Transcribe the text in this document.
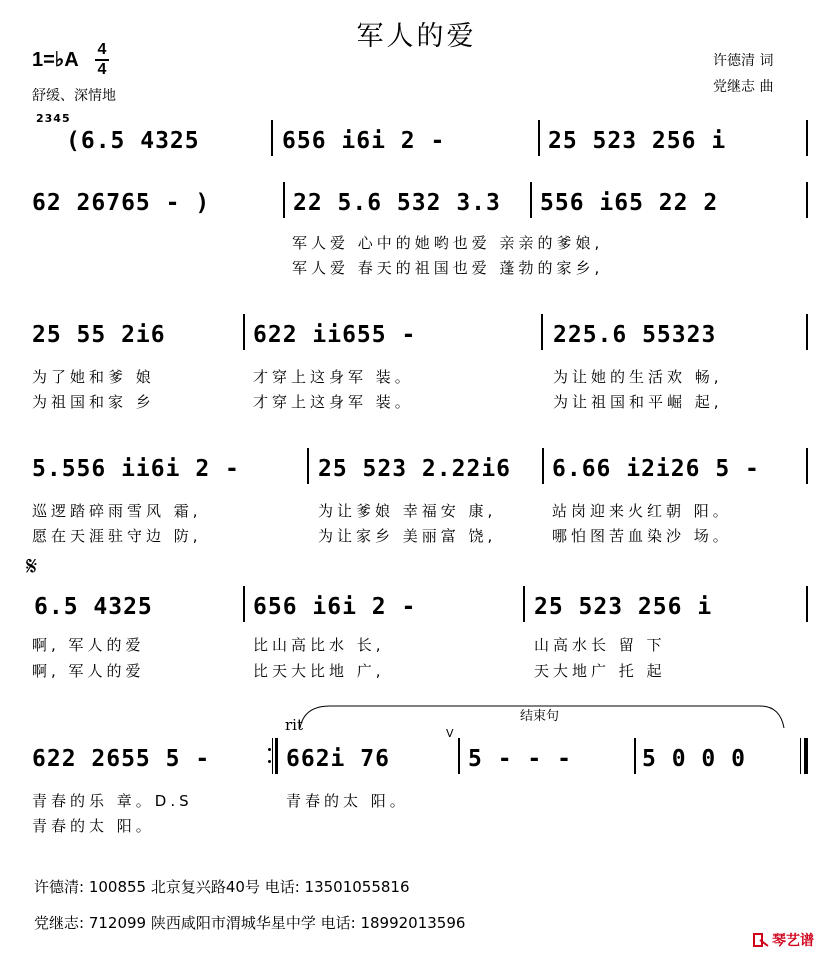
军人的爱
1=♭A 4
4
舒缓、深情地
许德清 词
党继志 曲
2345
(6.5 4325	656 i6i 2 -	25 523 256 i
62 26765 - )	22 5.6 532 3.3 556 i65 22 2
军人爱 心中的她哟也爱 亲亲的爹娘,
军人爱 春天的祖国也爱 蓬勃的家乡,
25 55 2i6	622 ii655 -	225.6 55323
为了她和爹 娘	才穿上这身军 装。	为让她的生活欢 畅,
为祖国和家 乡	才穿上这身军 装。	为让祖国和平崛 起,
5.556 ii6i 2 -	25 523 2.22i6 6.66 i2i26 5 -
巡逻踏碎雨雪风 霜,	为让爹娘 幸福安 康,	站岗迎来火红朝 阳。
愿在天涯驻守边 防,	为让家乡 美丽富 饶,	哪怕图苦血染沙 场。
𝄋
6.5 4325	656 i6i 2 -	25 523 256 i
啊, 军人的爱	比山高比水 长,	山高水长 留 下
啊, 军人的爱	比天大比地 广,	天大地广 托 起
结束句
rit	V
622 2655 5 -	662i 76	5 - - -	5 0 0 0
青春的乐 章。D.S	青春的太 阳。
青春的太 阳。
许德清: 100855 北京复兴路40号 电话: 13501055816
党继志: 712099 陕西咸阳市渭城华星中学 电话: 18992013596
琴艺谱
